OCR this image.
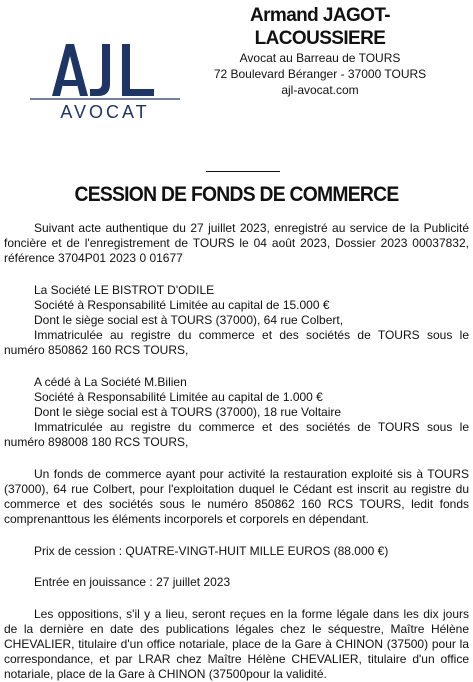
AVOCAT
Armand JAGOT-LACOUSSIERE
Avocat au Barreau de TOURS
72 Boulevard Béranger - 37000 TOURS
ajl-avocat.com
CESSION DE FONDS DE COMMERCE

Suivant acte authentique du 27 juillet 2023, enregistré au service de la Publicité foncière et de l'enregistrement de TOURS le 04 août 2023, Dossier 2023 00037832, référence 3704P01 2023 0 01677

La Société LE BISTROT D'ODILE

Société à Responsabilité Limitée au capital de 15.000 €

Dont le siège social est à TOURS (37000), 64 rue Colbert,

Immatriculée au registre du commerce et des sociétés de TOURS sous le numéro 850862 160 RCS TOURS,

A cédé à La Société M.Bilien

Société à Responsabilité Limitée au capital de 1.000 €

Dont le siège social est à TOURS (37000), 18 rue Voltaire

Immatriculée au registre du commerce et des sociétés de TOURS sous le numéro 898008 180 RCS TOURS,

Un fonds de commerce ayant pour activité la restauration exploité sis à TOURS (37000), 64 rue Colbert, pour l'exploitation duquel le Cédant est inscrit au registre du commerce et des sociétés sous le numéro 850862 160 RCS TOURS, ledit fonds comprenanttous les éléments incorporels et corporels en dépendant.

Prix de cession : QUATRE-VINGT-HUIT MILLE EUROS (88.000 €)

Entrée en jouissance : 27 juillet 2023

Les oppositions, s'il y a lieu, seront reçues en la forme légale dans les dix jours de la dernière en date des publications légales chez le séquestre, Maître Hélène CHEVALIER, titulaire d'un office notariale, place de la Gare à CHINON (37500) pour la correspondance, et par LRAR chez Maître Hélène CHEVALIER, titulaire d'un office notariale, place de la Gare à CHINON (37500pour la validité.
